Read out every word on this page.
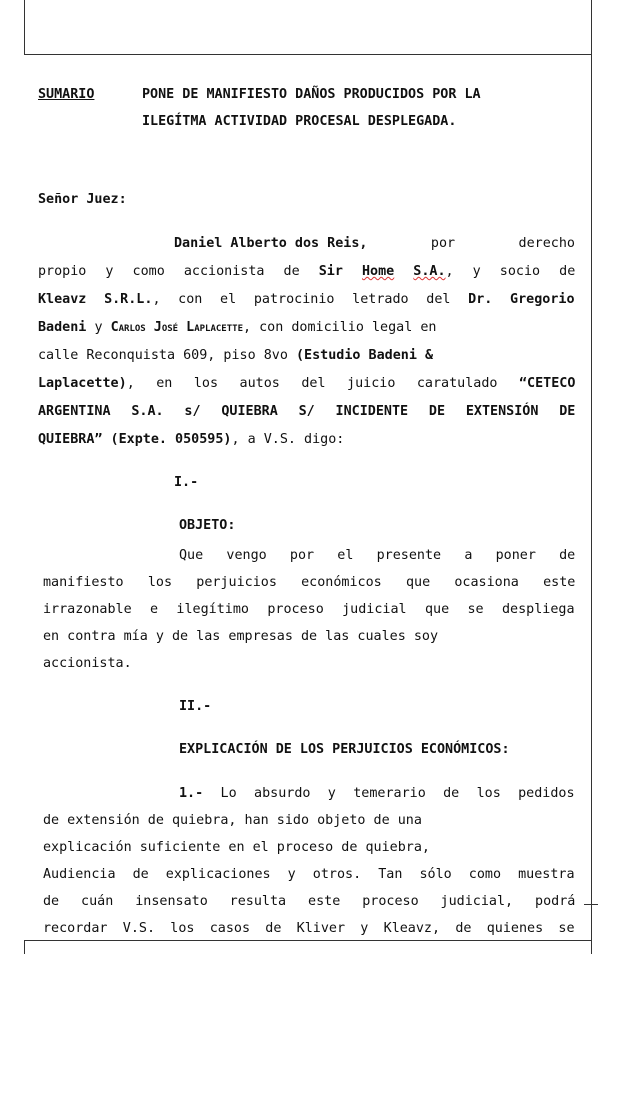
SUMARIO	PONE DE MANIFIESTO DAÑOS PRODUCIDOS POR LA
ILEGÍTMA ACTIVIDAD PROCESAL DESPLEGADA.
Señor Juez:
Daniel Alberto dos Reis,	por	derecho
propio y como accionista de Sir Home S.A., y socio de
Kleavz S.R.L., con el patrocinio letrado del Dr. Gregorio
Badeni y Carlos José Laplacette, con domicilio legal en
calle Reconquista 609, piso 8vo (Estudio Badeni &
Laplacette), en los autos del juicio caratulado “CETECO
ARGENTINA S.A. s/ QUIEBRA S/ INCIDENTE DE EXTENSIÓN DE
QUIEBRA” (Expte. 050595), a V.S. digo:
I.-
OBJETO:
Que vengo por el presente a poner de
manifiesto los perjuicios económicos que ocasiona este
irrazonable e ilegítimo proceso judicial que se despliega
en contra mía y de las empresas de las cuales soy
accionista.
II.-
EXPLICACIÓN DE LOS PERJUICIOS ECONÓMICOS:
1.- Lo absurdo y temerario de los pedidos
de extensión de quiebra, han sido objeto de una
explicación suficiente en el proceso de quiebra,
Audiencia de explicaciones y otros. Tan sólo como muestra
de cuán insensato resulta este proceso judicial, podrá
recordar V.S. los casos de Kliver y Kleavz, de quienes se
